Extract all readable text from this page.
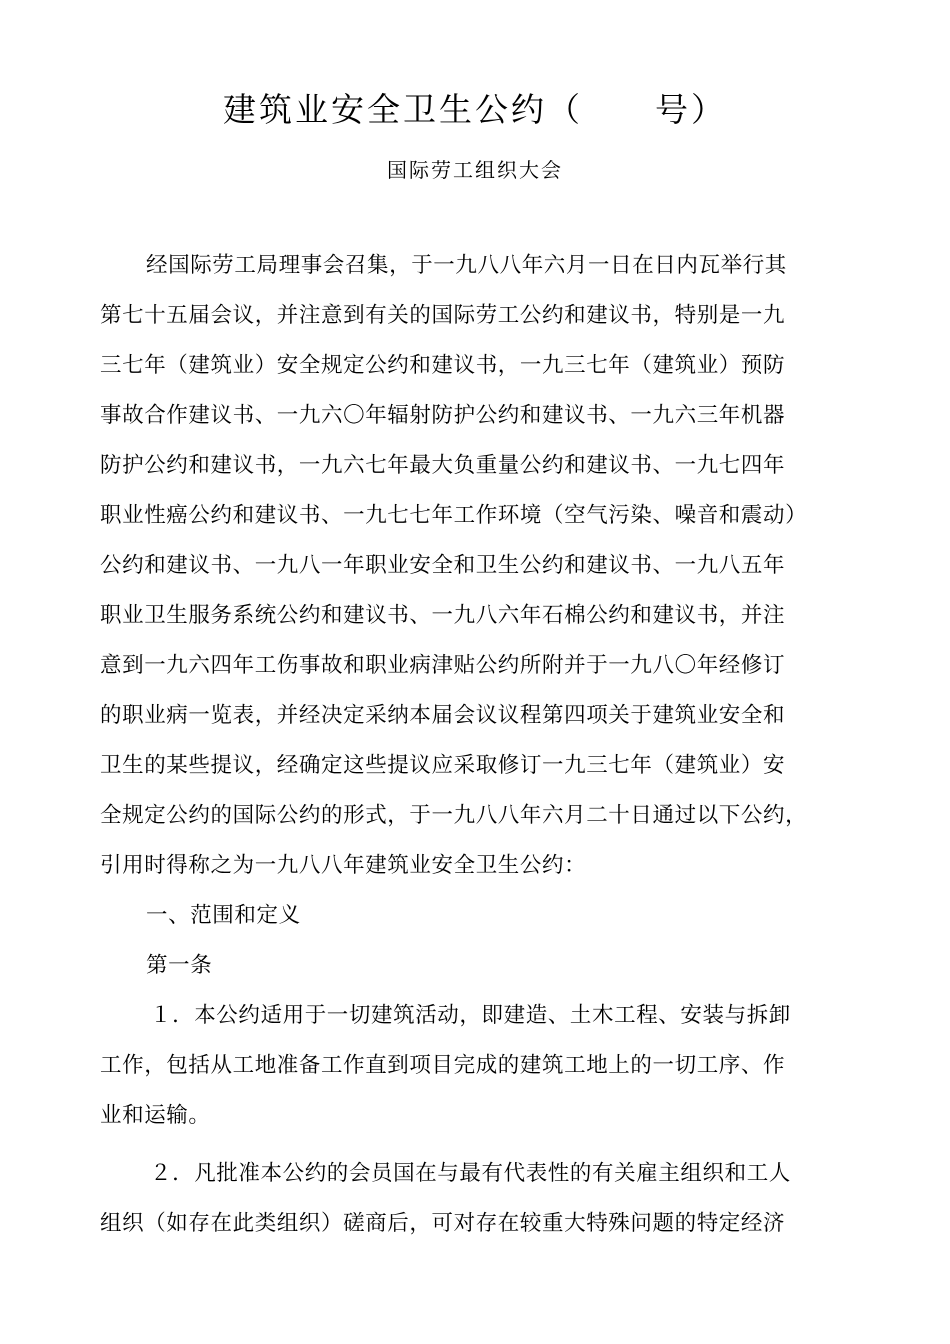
建筑业安全卫生公约（　　号）
国际劳工组织大会
经国际劳工局理事会召集，于一九八八年六月一日在日内瓦举行其
第七十五届会议，并注意到有关的国际劳工公约和建议书，特别是一九
三七年（建筑业）安全规定公约和建议书，一九三七年（建筑业）预防
事故合作建议书、一九六〇年辐射防护公约和建议书、一九六三年机器
防护公约和建议书，一九六七年最大负重量公约和建议书、一九七四年
职业性癌公约和建议书、一九七七年工作环境（空气污染、噪音和震动）
公约和建议书、一九八一年职业安全和卫生公约和建议书、一九八五年
职业卫生服务系统公约和建议书、一九八六年石棉公约和建议书，并注
意到一九六四年工伤事故和职业病津贴公约所附并于一九八〇年经修订
的职业病一览表，并经决定采纳本届会议议程第四项关于建筑业安全和
卫生的某些提议，经确定这些提议应采取修订一九三七年（建筑业）安
全规定公约的国际公约的形式，于一九八八年六月二十日通过以下公约，
引用时得称之为一九八八年建筑业安全卫生公约：
一、范围和定义
第一条
１．本公约适用于一切建筑活动，即建造、土木工程、安装与拆卸
工作，包括从工地准备工作直到项目完成的建筑工地上的一切工序、作
业和运输。
２．凡批准本公约的会员国在与最有代表性的有关雇主组织和工人
组织（如存在此类组织）磋商后，可对存在较重大特殊问题的特定经济
